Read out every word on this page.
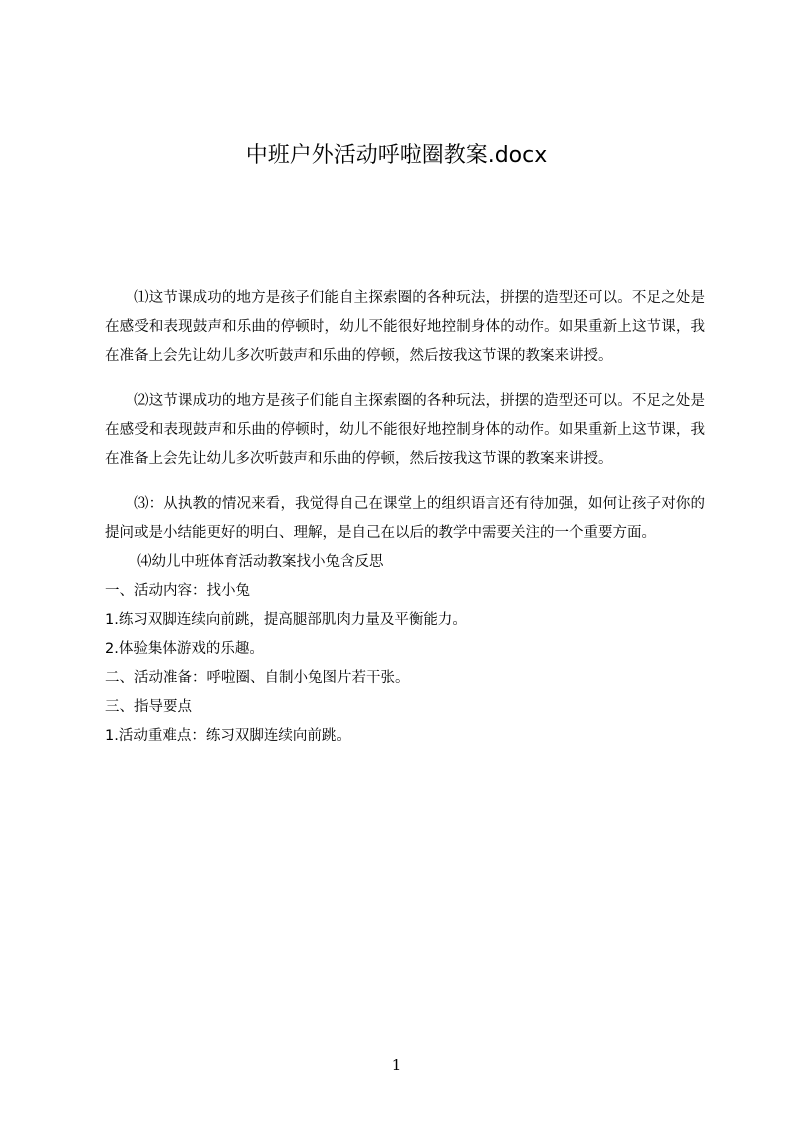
中班户外活动呼啦圈教案.docx

⑴这节课成功的地方是孩子们能自主探索圈的各种玩法，拼摆的造型还可以。不足之处是在感受和表现鼓声和乐曲的停顿时，幼儿不能很好地控制身体的动作。如果重新上这节课，我在准备上会先让幼儿多次听鼓声和乐曲的停顿，然后按我这节课的教案来讲授。

⑵这节课成功的地方是孩子们能自主探索圈的各种玩法，拼摆的造型还可以。不足之处是在感受和表现鼓声和乐曲的停顿时，幼儿不能很好地控制身体的动作。如果重新上这节课，我在准备上会先让幼儿多次听鼓声和乐曲的停顿，然后按我这节课的教案来讲授。

⑶：从执教的情况来看，我觉得自己在课堂上的组织语言还有待加强，如何让孩子对你的提问或是小结能更好的明白、理解，是自己在以后的教学中需要关注的一个重要方面。

⑷幼儿中班体育活动教案找小兔含反思

一、活动内容：找小兔

1.练习双脚连续向前跳，提高腿部肌肉力量及平衡能力。

2.体验集体游戏的乐趣。

二、活动准备：呼啦圈、自制小兔图片若干张。

三、指导要点

1.活动重难点：练习双脚连续向前跳。

1
